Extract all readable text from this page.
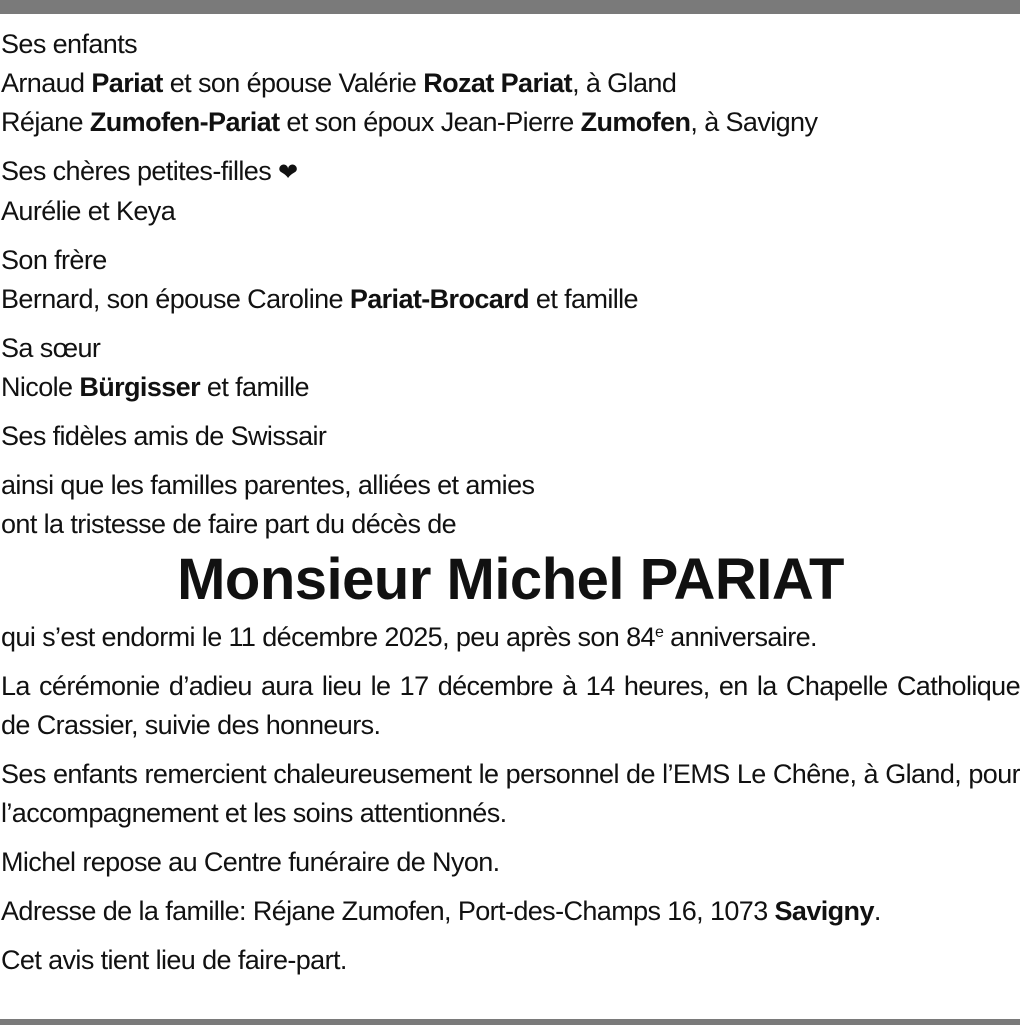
Ses enfants
Arnaud Pariat et son épouse Valérie Rozat Pariat, à Gland
Réjane Zumofen-Pariat et son époux Jean-Pierre Zumofen, à Savigny
Ses chères petites-filles ❤
Aurélie et Keya
Son frère
Bernard, son épouse Caroline Pariat-Brocard et famille
Sa sœur
Nicole Bürgisser et famille
Ses fidèles amis de Swissair
ainsi que les familles parentes, alliées et amies
ont la tristesse de faire part du décès de
Monsieur Michel PARIAT
qui s’est endormi le 11 décembre 2025, peu après son 84e anniversaire.
La cérémonie d’adieu aura lieu le 17 décembre à 14 heures, en la Chapelle Catholique de Crassier, suivie des honneurs.
Ses enfants remercient chaleureusement le personnel de l’EMS Le Chêne, à Gland, pour l’accompagnement et les soins attentionnés.
Michel repose au Centre funéraire de Nyon.
Adresse de la famille: Réjane Zumofen, Port-des-Champs 16, 1073 Savigny.
Cet avis tient lieu de faire-part.
